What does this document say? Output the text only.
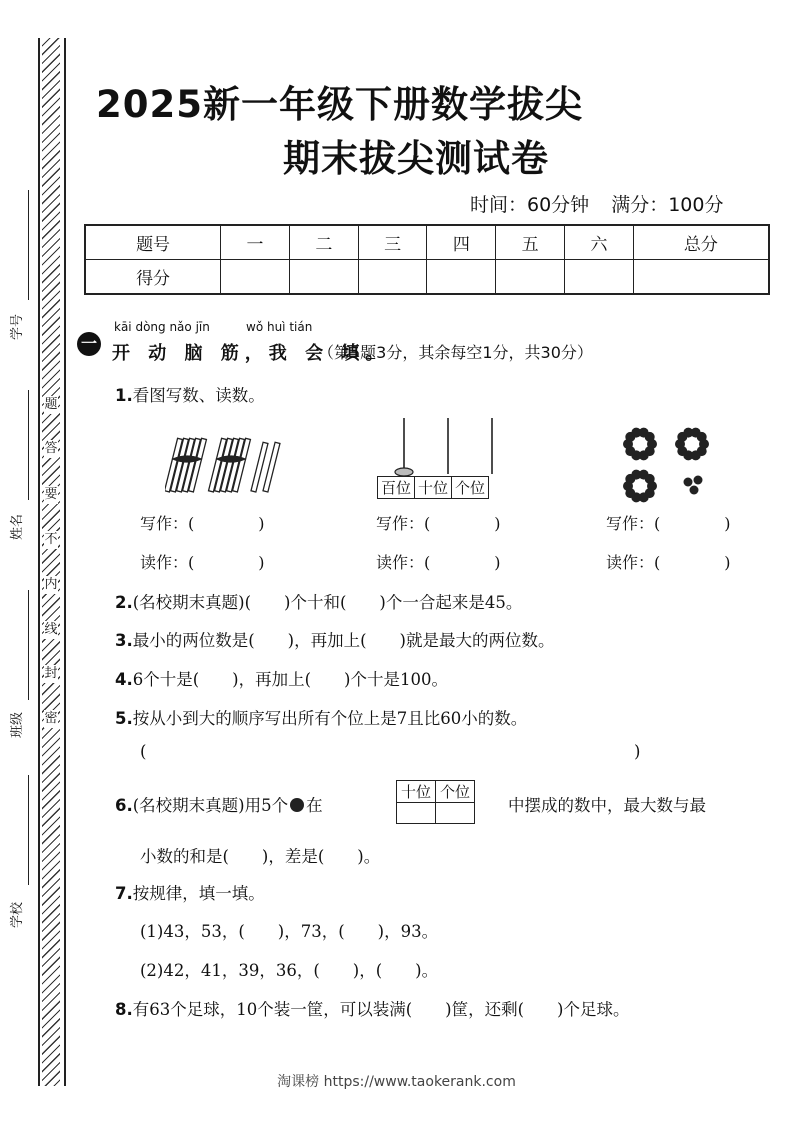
题
答
要
不
内
线
封
密
学号
姓名
班级
学校
2025新一年级下册数学拔尖
期末拔尖测试卷
时间：60分钟 满分：100分
题号	一	二	三	四	五	六	总分
得分							
一
kāi dòng nǎo jīn	wǒ huì tián
开 动 脑 筋，我 会 填。
（第5题3分，其余每空1分，共30分）
1.看图写数、读数。
百位	十位	个位
写作：(　　　　)
读作：(　　　　)
写作：(　　　　)
读作：(　　　　)
写作：(　　　　)
读作：(　　　　)
2.(名校期末真题)(　　)个十和(　　)个一合起来是45。
3.最小的两位数是(　　)，再加上(　　)就是最大的两位数。
4.6个十是(　　)，再加上(　　)个十是100。
5.按从小到大的顺序写出所有个位上是7且比60小的数。
(	)
6.(名校期末真题)用5个 在
十位	个位

中摆成的数中，最大数与最
小数的和是(　　)，差是(　　)。
7.按规律，填一填。
(1)43，53，(　　)，73，(　　)，93。
(2)42，41，39，36，(　　)，(　　)。
8.有63个足球，10个装一筐，可以装满(　　)筐，还剩(　　)个足球。
淘课榜 https://www.taokerank.com
